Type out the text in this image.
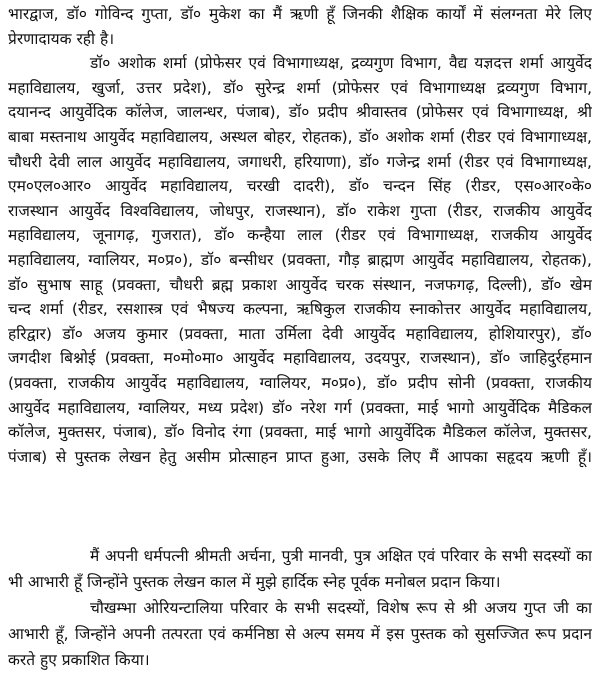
भारद्वाज, डॉ० गोविन्द गुप्ता, डॉ० मुकेश का मैं ऋणी हूँ जिनकी शैक्षिक कार्यों में संलग्नता मेरे लिए
प्रेरणादायक रही है।
डॉ० अशोक शर्मा (प्रोफेसर एवं विभागाध्यक्ष, द्रव्यगुण विभाग, वैद्य यज्ञदत्त शर्मा आयुर्वेद
महाविद्यालय, खुर्जा, उत्तर प्रदेश), डॉ० सुरेन्द्र शर्मा (प्रोफेसर एवं विभागाध्यक्ष द्रव्यगुण विभाग,
दयानन्द आयुर्वेदिक कॉलेज, जालन्धर, पंजाब), डॉ० प्रदीप श्रीवास्तव (प्रोफेसर एवं विभागाध्यक्ष, श्री
बाबा मस्तनाथ आयुर्वेद महाविद्यालय, अस्थल बोहर, रोहतक), डॉ० अशोक शर्मा (रीडर एवं विभागाध्यक्ष,
चौधरी देवी लाल आयुर्वेद महाविद्यालय, जगाधरी, हरियाणा), डॉ० गजेन्द्र शर्मा (रीडर एवं विभागाध्यक्ष,
एम०एल०आर० आयुर्वेद महाविद्यालय, चरखी दादरी), डॉ० चन्दन सिंह (रीडर, एस०आर०के०
राजस्थान आयुर्वेद विश्वविद्यालय, जोधपुर, राजस्थान), डॉ० राकेश गुप्ता (रीडर, राजकीय आयुर्वेद
महाविद्यालय, जूनागढ़, गुजरात), डॉ० कन्हैया लाल (रीडर एवं विभागाध्यक्ष, राजकीय आयुर्वेद
महाविद्यालय, ग्वालियर, म०प्र०), डॉ० बन्सीधर (प्रवक्ता, गौड़ ब्राह्मण आयुर्वेद महाविद्यालय, रोहतक),
डॉ० सुभाष साहू (प्रवक्ता, चौधरी ब्रह्म प्रकाश आयुर्वेद चरक संस्थान, नजफगढ़, दिल्ली), डॉ० खेम
चन्द शर्मा (रीडर, रसशास्त्र एवं भैषज्य कल्पना, ऋषिकुल राजकीय स्नाकोत्तर आयुर्वेद महाविद्यालय,
हरिद्वार) डॉ० अजय कुमार (प्रवक्ता, माता उर्मिला देवी आयुर्वेद महाविद्यालय, होशियारपुर), डॉ०
जगदीश बिश्नोई (प्रवक्ता, म०मो०मा० आयुर्वेद महाविद्यालय, उदयपुर, राजस्थान), डॉ० जाहिदुर्रहमान
(प्रवक्ता, राजकीय आयुर्वेद महाविद्यालय, ग्वालियर, म०प्र०), डॉ० प्रदीप सोनी (प्रवक्ता, राजकीय
आयुर्वेद महाविद्यालय, ग्वालियर, मध्य प्रदेश) डॉ० नरेश गर्ग (प्रवक्ता, माई भागो आयुर्वेदिक मैडिकल
कॉलेज, मुक्तसर, पंजाब), डॉ० विनोद रंगा (प्रवक्ता, माई भागो आयुर्वेदिक मैडिकल कॉलेज, मुक्तसर,
पंजाब) से पुस्तक लेखन हेतु असीम प्रोत्साहन प्राप्त हुआ, उसके लिए मैं आपका सहृदय ऋणी हूँ।
मैं अपनी धर्मपत्नी श्रीमती अर्चना, पुत्री मानवी, पुत्र अक्षित एवं परिवार के सभी सदस्यों का
भी आभारी हूँ जिन्होंने पुस्तक लेखन काल में मुझे हार्दिक स्नेह पूर्वक मनोबल प्रदान किया।
चौखम्भा ओरियन्टालिया परिवार के सभी सदस्यों, विशेष रूप से श्री अजय गुप्त जी का
आभारी हूँ, जिन्होंने अपनी तत्परता एवं कर्मनिष्ठा से अल्प समय में इस पुस्तक को सुसज्जित रूप प्रदान
करते हुए प्रकाशित किया।
